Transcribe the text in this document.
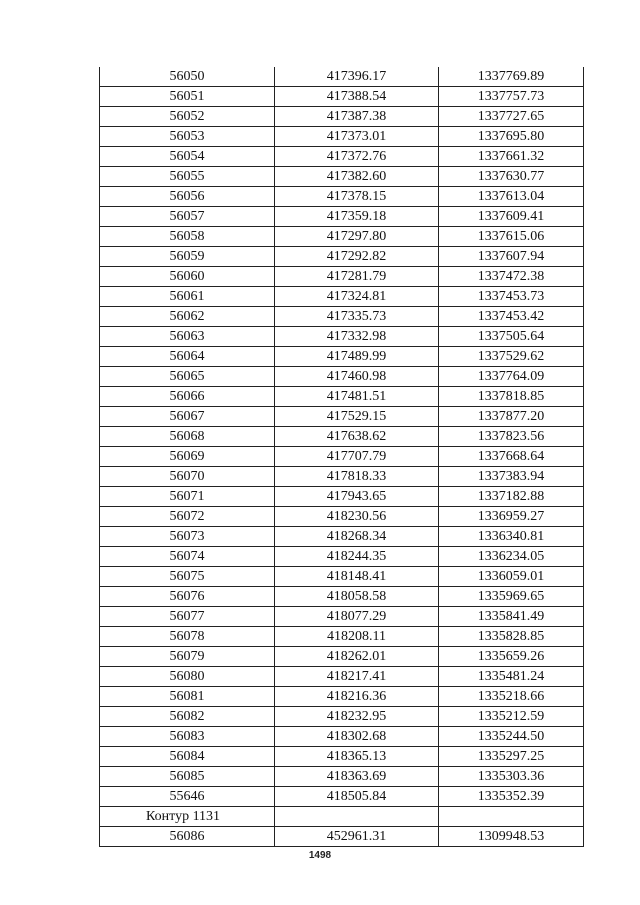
56050	417396.17	1337769.89
56051	417388.54	1337757.73
56052	417387.38	1337727.65
56053	417373.01	1337695.80
56054	417372.76	1337661.32
56055	417382.60	1337630.77
56056	417378.15	1337613.04
56057	417359.18	1337609.41
56058	417297.80	1337615.06
56059	417292.82	1337607.94
56060	417281.79	1337472.38
56061	417324.81	1337453.73
56062	417335.73	1337453.42
56063	417332.98	1337505.64
56064	417489.99	1337529.62
56065	417460.98	1337764.09
56066	417481.51	1337818.85
56067	417529.15	1337877.20
56068	417638.62	1337823.56
56069	417707.79	1337668.64
56070	417818.33	1337383.94
56071	417943.65	1337182.88
56072	418230.56	1336959.27
56073	418268.34	1336340.81
56074	418244.35	1336234.05
56075	418148.41	1336059.01
56076	418058.58	1335969.65
56077	418077.29	1335841.49
56078	418208.11	1335828.85
56079	418262.01	1335659.26
56080	418217.41	1335481.24
56081	418216.36	1335218.66
56082	418232.95	1335212.59
56083	418302.68	1335244.50
56084	418365.13	1335297.25
56085	418363.69	1335303.36
55646	418505.84	1335352.39
Контур 1131		
56086	452961.31	1309948.53
1498
